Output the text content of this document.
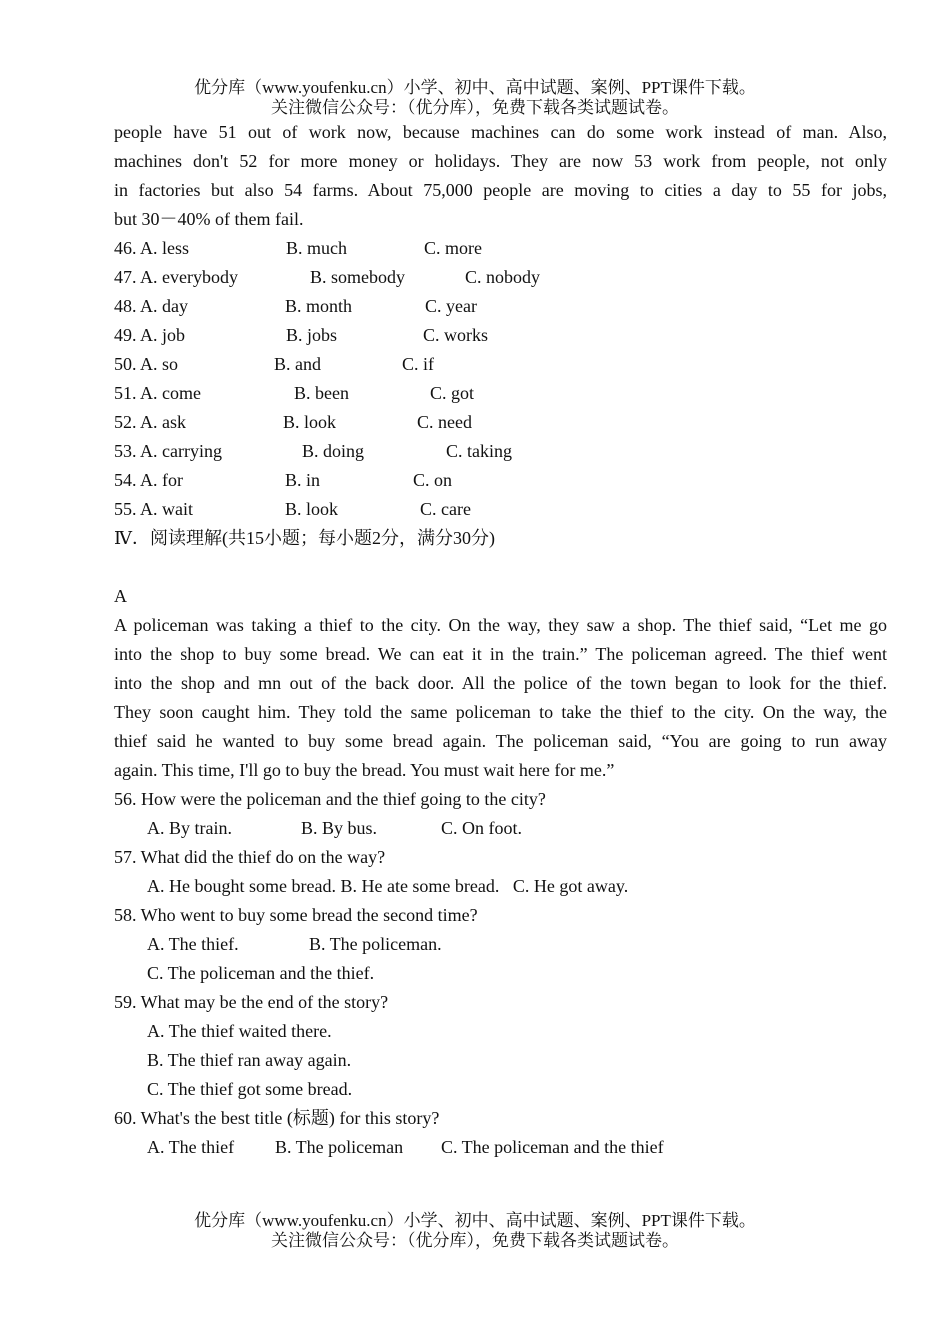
优分库（www.youfenku.cn）小学、初中、高中试题、案例、PPT课件下载。
关注微信公众号：（优分库），免费下载各类试题试卷。
people have 51 out of work now, because machines can do some work instead of man. Also,
machines don't 52 for more money or holidays. They are now 53 work from people, not only
in factories but also 54 farms. About 75,000 people are moving to cities a day to 55 for jobs,
but 30－40% of them fail.
46. A. less	B. much	C. more
47. A. everybody	B. somebody	C. nobody
48. A. day	B. month	C. year
49. A. job	B. jobs	C. works
50. A. so	B. and	C. if
51. A. come	B. been	C. got
52. A. ask	B. look	C. need
53. A. carrying	B. doing	C. taking
54. A. for	B. in	C. on
55. A. wait	B. look	C. care
Ⅳ．阅读理解(共15小题；每小题2分，满分30分)
A
A policeman was taking a thief to the city. On the way, they saw a shop. The thief said, “Let me go
into the shop to buy some bread. We can eat it in the train.” The policeman agreed. The thief went
into the shop and mn out of the back door. All the police of the town began to look for the thief.
They soon caught him. They told the same policeman to take the thief to the city. On the way, the
thief said he wanted to buy some bread again. The policeman said, “You are going to run away
again. This time, I'll go to buy the bread. You must wait here for me.”
56. How were the policeman and the thief going to the city?
A. By train.	B. By bus.	C. On foot.
57. What did the thief do on the way?
A. He bought some bread. B. He ate some bread.   C. He got away.
58. Who went to buy some bread the second time?
A. The thief.	B. The policeman.
C. The policeman and the thief.
59. What may be the end of the story?
A. The thief waited there.
B. The thief ran away again.
C. The thief got some bread.
60. What's the best title (标题) for this story?
A. The thief B. The policeman C. The policeman and the thief
优分库（www.youfenku.cn）小学、初中、高中试题、案例、PPT课件下载。
关注微信公众号：（优分库），免费下载各类试题试卷。
